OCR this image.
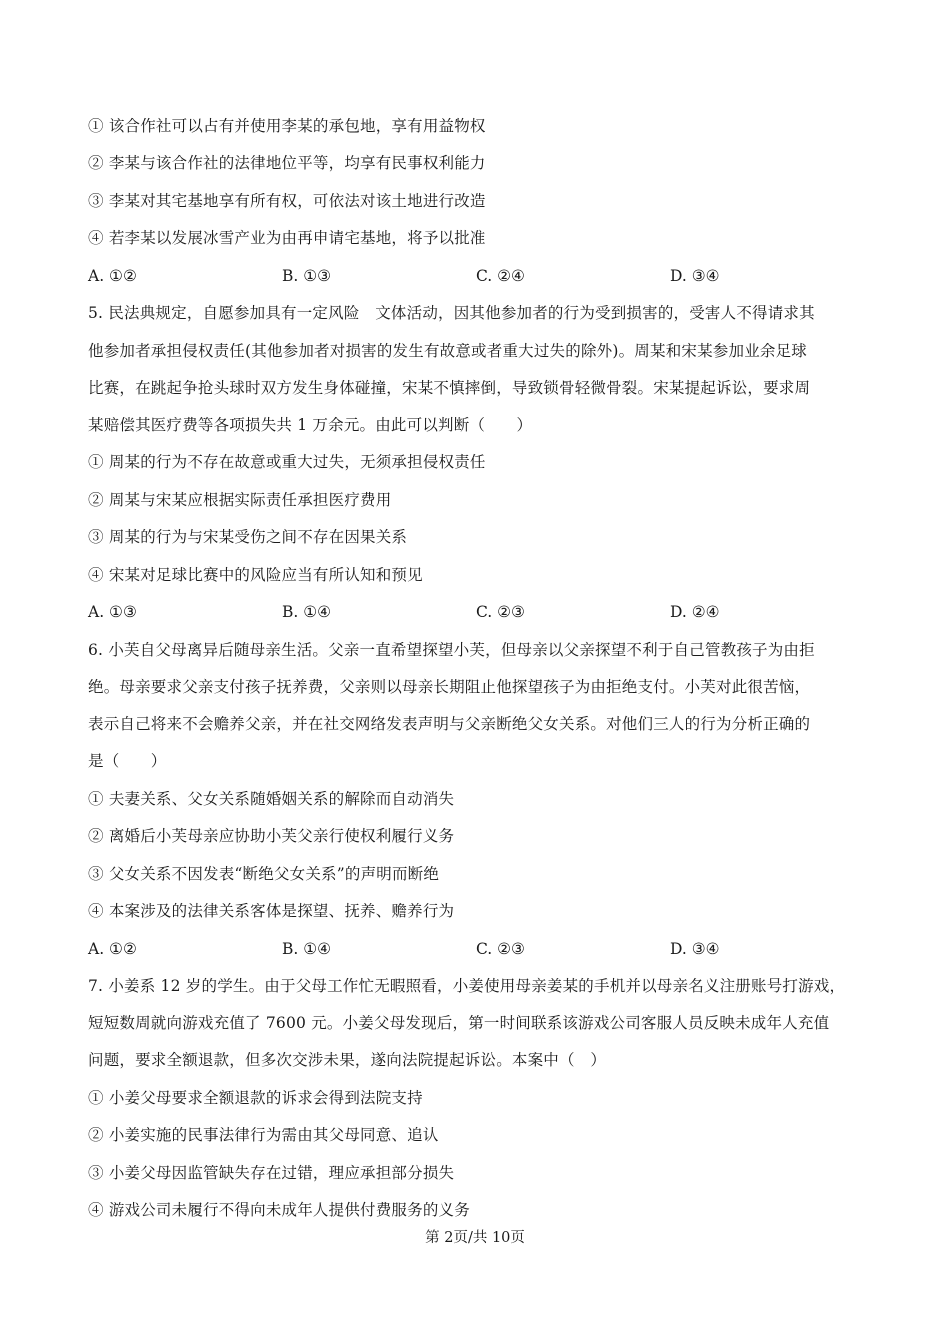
① 该合作社可以占有并使用李某的承包地，享有用益物权
② 李某与该合作社的法律地位平等，均享有民事权利能力
③ 李某对其宅基地享有所有权，可依法对该土地进行改造
④ 若李某以发展冰雪产业为由再申请宅基地，将予以批准
A. ①②	B. ①③	C. ②④	D. ③④
5. 民法典规定，自愿参加具有一定风险　文体活动，因其他参加者的行为受到损害的，受害人不得请求其
他参加者承担侵权责任(其他参加者对损害的发生有故意或者重大过失的除外)。周某和宋某参加业余足球
比赛，在跳起争抢头球时双方发生身体碰撞，宋某不慎摔倒，导致锁骨轻微骨裂。宋某提起诉讼，要求周
某赔偿其医疗费等各项损失共 1 万余元。由此可以判断（　　）
① 周某的行为不存在故意或重大过失，无须承担侵权责任
② 周某与宋某应根据实际责任承担医疗费用
③ 周某的行为与宋某受伤之间不存在因果关系
④ 宋某对足球比赛中的风险应当有所认知和预见
A. ①③	B. ①④	C. ②③	D. ②④
6. 小芙自父母离异后随母亲生活。父亲一直希望探望小芙，但母亲以父亲探望不利于自己管教孩子为由拒
绝。母亲要求父亲支付孩子抚养费，父亲则以母亲长期阻止他探望孩子为由拒绝支付。小芙对此很苦恼，
表示自己将来不会赡养父亲，并在社交网络发表声明与父亲断绝父女关系。对他们三人的行为分析正确的
是（　　）
① 夫妻关系、父女关系随婚姻关系的解除而自动消失
② 离婚后小芙母亲应协助小芙父亲行使权利履行义务
③ 父女关系不因发表“断绝父女关系”的声明而断绝
④ 本案涉及的法律关系客体是探望、抚养、赡养行为
A. ①②	B. ①④	C. ②③	D. ③④
7. 小姜系 12 岁的学生。由于父母工作忙无暇照看，小姜使用母亲姜某的手机并以母亲名义注册账号打游戏，
短短数周就向游戏充值了 7600 元。小姜父母发现后，第一时间联系该游戏公司客服人员反映未成年人充值
问题，要求全额退款，但多次交涉未果，遂向法院提起诉讼。本案中（　）
① 小姜父母要求全额退款的诉求会得到法院支持
② 小姜实施的民事法律行为需由其父母同意、追认
③ 小姜父母因监管缺失存在过错，理应承担部分损失
④ 游戏公司未履行不得向未成年人提供付费服务的义务
第 2页/共 10页
